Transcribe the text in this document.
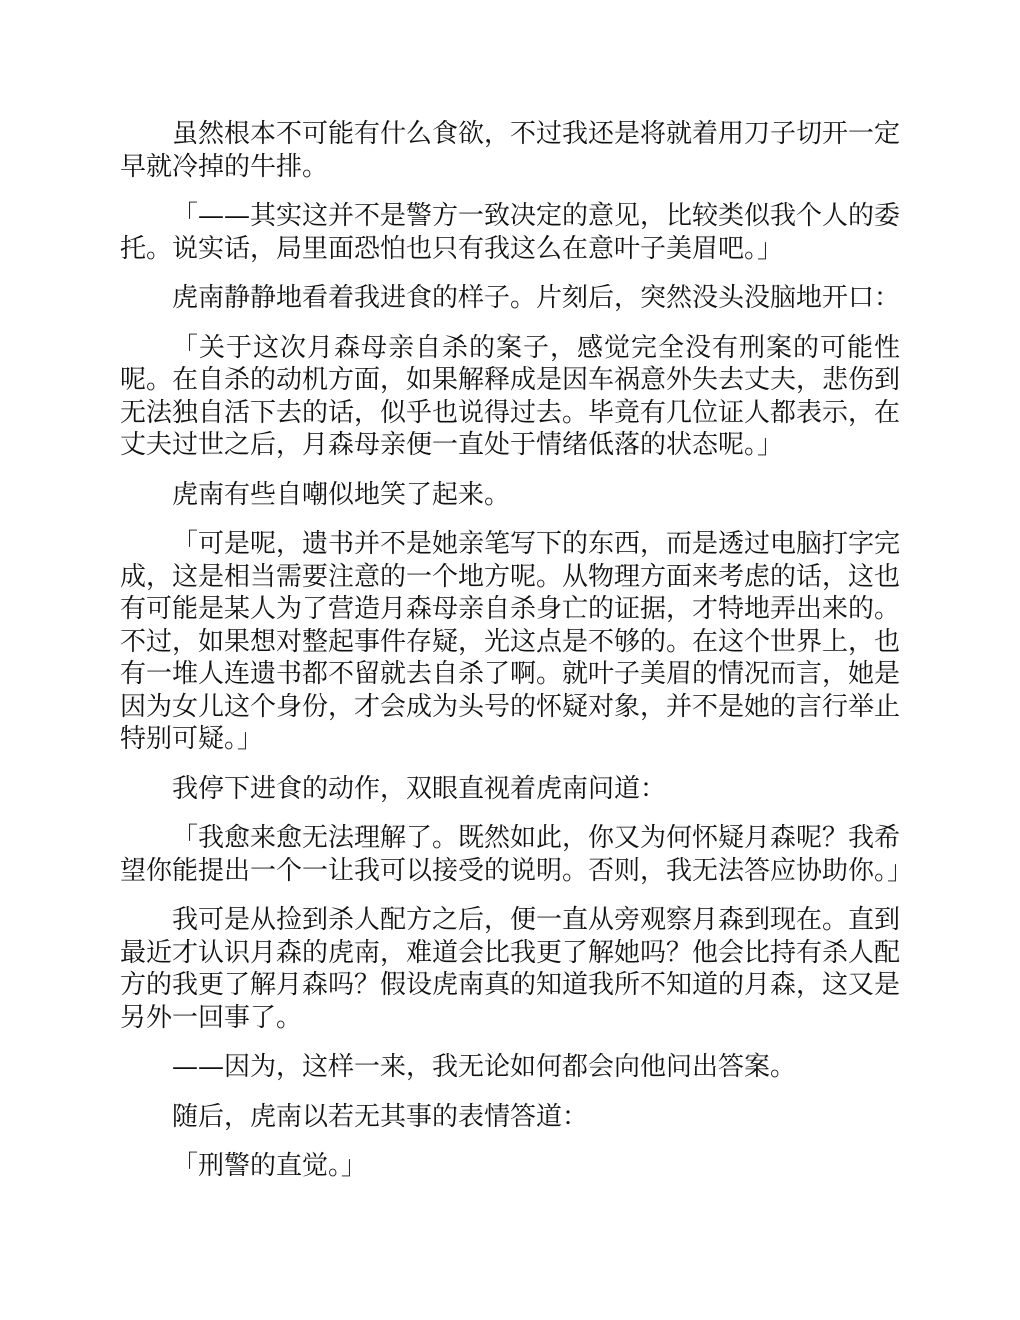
虽然根本不可能有什么食欲，不过我还是将就着用刀子切开一定早就冷掉的牛排。

「——其实这并不是警方一致决定的意见，比较类似我个人的委托。说实话，局里面恐怕也只有我这么在意叶子美眉吧。」

虎南静静地看着我进食的样子。片刻后，突然没头没脑地开口：

「关于这次月森母亲自杀的案子，感觉完全没有刑案的可能性呢。在自杀的动机方面，如果解释成是因车祸意外失去丈夫，悲伤到无法独自活下去的话，似乎也说得过去。毕竟有几位证人都表示，在丈夫过世之后，月森母亲便一直处于情绪低落的状态呢。」

虎南有些自嘲似地笑了起来。

「可是呢，遗书并不是她亲笔写下的东西，而是透过电脑打字完成，这是相当需要注意的一个地方呢。从物理方面来考虑的话，这也有可能是某人为了营造月森母亲自杀身亡的证据，才特地弄出来的。不过，如果想对整起事件存疑，光这点是不够的。在这个世界上，也有一堆人连遗书都不留就去自杀了啊。就叶子美眉的情况而言，她是因为女儿这个身份，才会成为头号的怀疑对象，并不是她的言行举止特别可疑。」

我停下进食的动作，双眼直视着虎南问道：

「我愈来愈无法理解了。既然如此，你又为何怀疑月森呢？我希望你能提出一个一让我可以接受的说明。否则，我无法答应协助你。」

我可是从捡到杀人配方之后，便一直从旁观察月森到现在。直到最近才认识月森的虎南，难道会比我更了解她吗？他会比持有杀人配方的我更了解月森吗？假设虎南真的知道我所不知道的月森，这又是另外一回事了。

——因为，这样一来，我无论如何都会向他问出答案。

随后，虎南以若无其事的表情答道：

「刑警的直觉。」
